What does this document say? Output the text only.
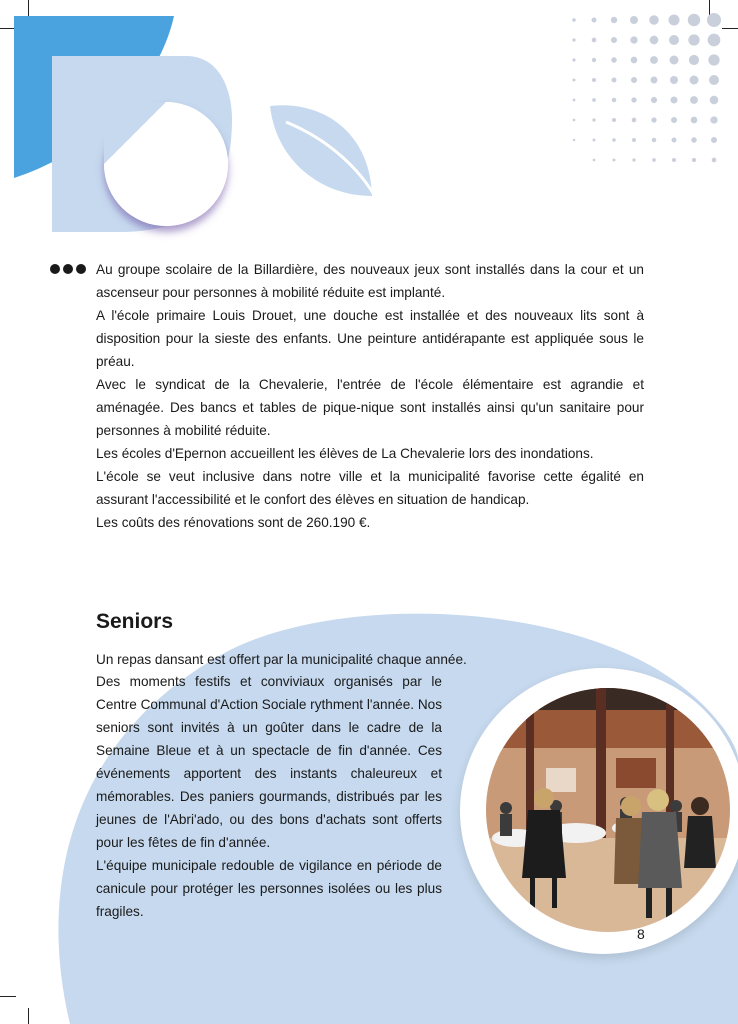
Au groupe scolaire de la Billardière, des nouveaux jeux sont installés dans la cour et un ascenseur pour personnes à mobilité réduite est implanté.

A l'école primaire Louis Drouet, une douche est installée et des nouveaux lits sont à disposition pour la sieste des enfants. Une peinture antidérapante est appliquée sous le préau.

Avec le syndicat de la Chevalerie, l'entrée de l'école élémentaire est agrandie et aménagée. Des bancs et tables de pique-nique sont installés ainsi qu'un sanitaire pour personnes à mobilité réduite.

Les écoles d'Epernon accueillent les élèves de La Chevalerie lors des inondations.

L'école se veut inclusive dans notre ville et la municipalité favorise cette égalité en assurant l'accessibilité et le confort des élèves en situation de handicap.

Les coûts des rénovations sont de 260.190 €.

Seniors

Un repas dansant est offert par la municipalité chaque année.

Des moments festifs et conviviaux organisés par le Centre Communal d'Action Sociale rythment l'année. Nos seniors sont invités à un goûter dans le cadre de la Semaine Bleue et à un spectacle de fin d'année. Ces événements apportent des instants chaleureux et mémorables. Des paniers gourmands, distribués par les jeunes de l'Abri'ado, ou des bons d'achats sont offerts pour les fêtes de fin d'année.

L'équipe municipale redouble de vigilance en période de canicule pour protéger les personnes isolées ou les plus fragiles.

8
